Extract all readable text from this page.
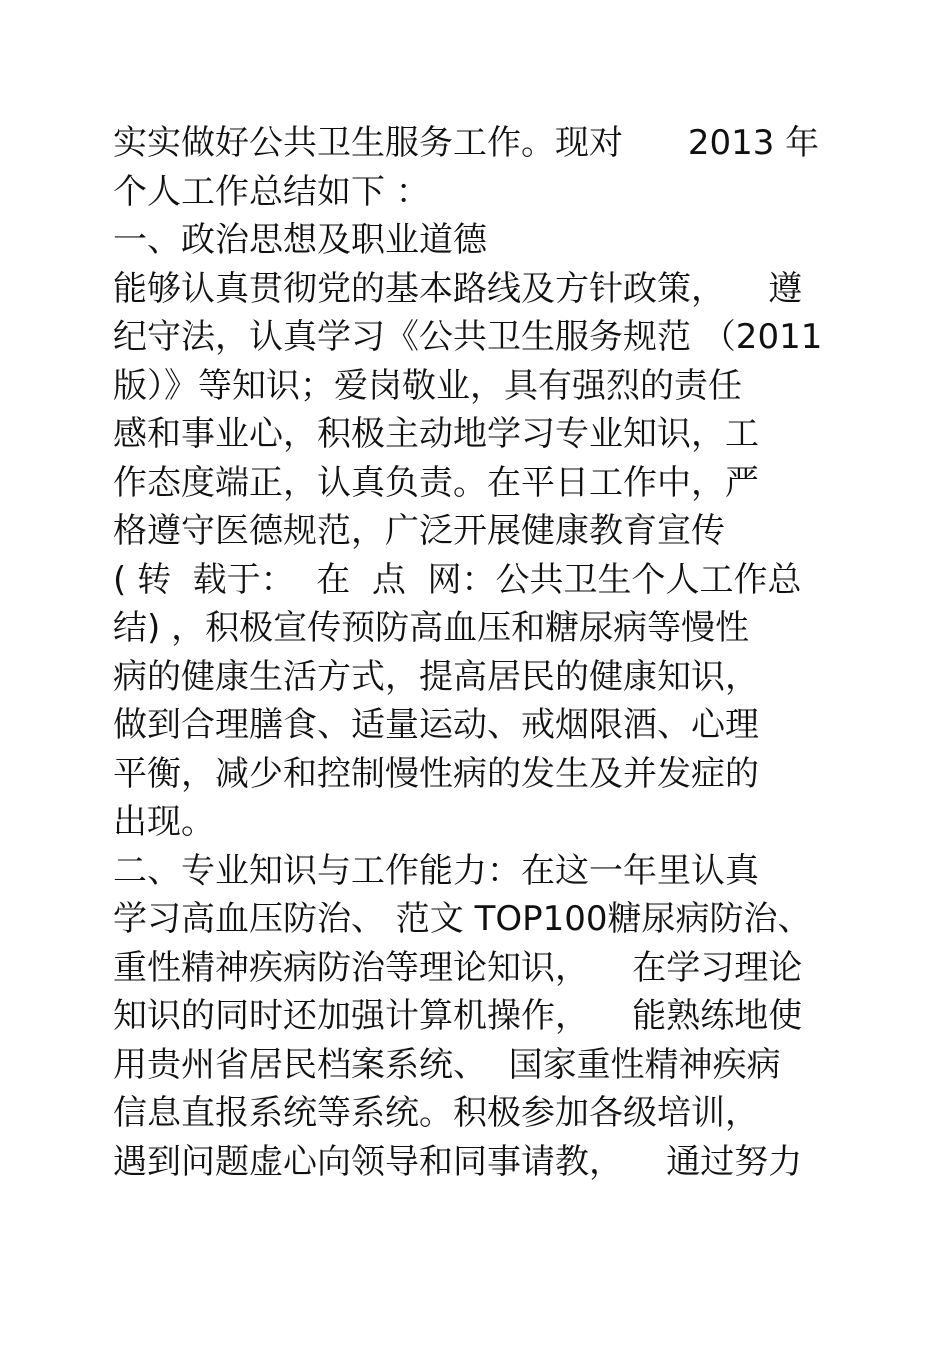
实实做好公共卫生服务工作。现对      2013 年
个人工作总结如下 ：
一、政治思想及职业道德
能够认真贯彻党的基本路线及方针政策，    遵
纪守法，认真学习《公共卫生服务规范 （2011
版）》等知识；爱岗敬业，具有强烈的责任
感和事业心，积极主动地学习专业知识，工
作态度端正，认真负责。在平日工作中，严
格遵守医德规范，广泛开展健康教育宣传
( 转  载于：  在  点  网：公共卫生个人工作总
结) ，积极宣传预防高血压和糖尿病等慢性
病的健康生活方式，提高居民的健康知识，
做到合理膳食、适量运动、戒烟限酒、心理
平衡，减少和控制慢性病的发生及并发症的
出现。
二、专业知识与工作能力：在这一年里认真
学习高血压防治、 范文 TOP100糖尿病防治、
重性精神疾病防治等理论知识，    在学习理论
知识的同时还加强计算机操作，    能熟练地使
用贵州省居民档案系统、  国家重性精神疾病
信息直报系统等系统。积极参加各级培训，
遇到问题虚心向领导和同事请教，    通过努力
